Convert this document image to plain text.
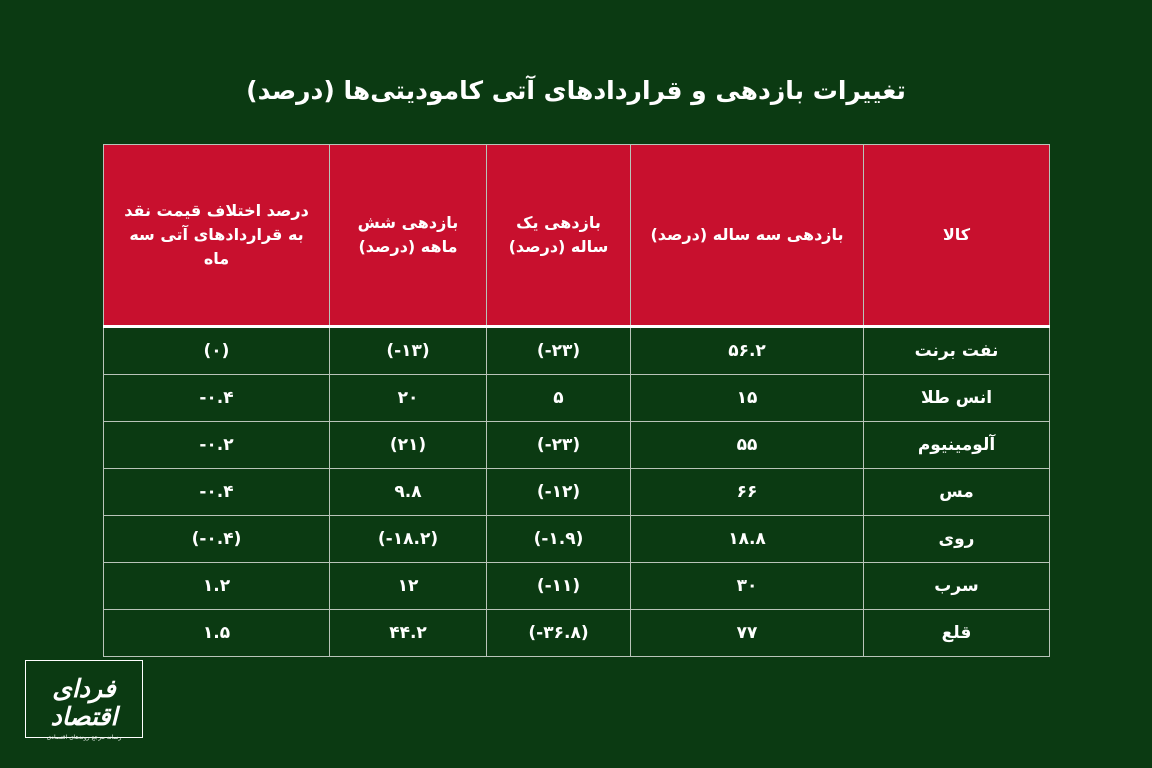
تغییرات بازدهی و قراردادهای آتی کامودیتی‌ها (درصد)
کالا	بازدهی سه ساله (درصد)	بازدهی یک ساله (درصد)	بازدهی شش ماهه (درصد)	درصد اختلاف قیمت نقد به قراردادهای آتی سه ماه
نفت برنت	۵۶.۲	(-۲۳)	(-۱۳)	(۰)
انس طلا	۱۵	۵	۲۰	-۰.۴
آلومینیوم	۵۵	(-۲۳)	(۲۱)	-۰.۲
مس	۶۶	(-۱۲)	۹.۸	-۰.۴
روی	۱۸.۸	(-۱.۹)	(-۱۸.۲)	(-۰.۴)
سرب	۳۰	(-۱۱)	۱۲	۱.۲
قلع	۷۷	(-۳۶.۸)	۴۴.۲	۱.۵
فردای اقتصاد
رسانه مرجع روندهای اقتصادی
